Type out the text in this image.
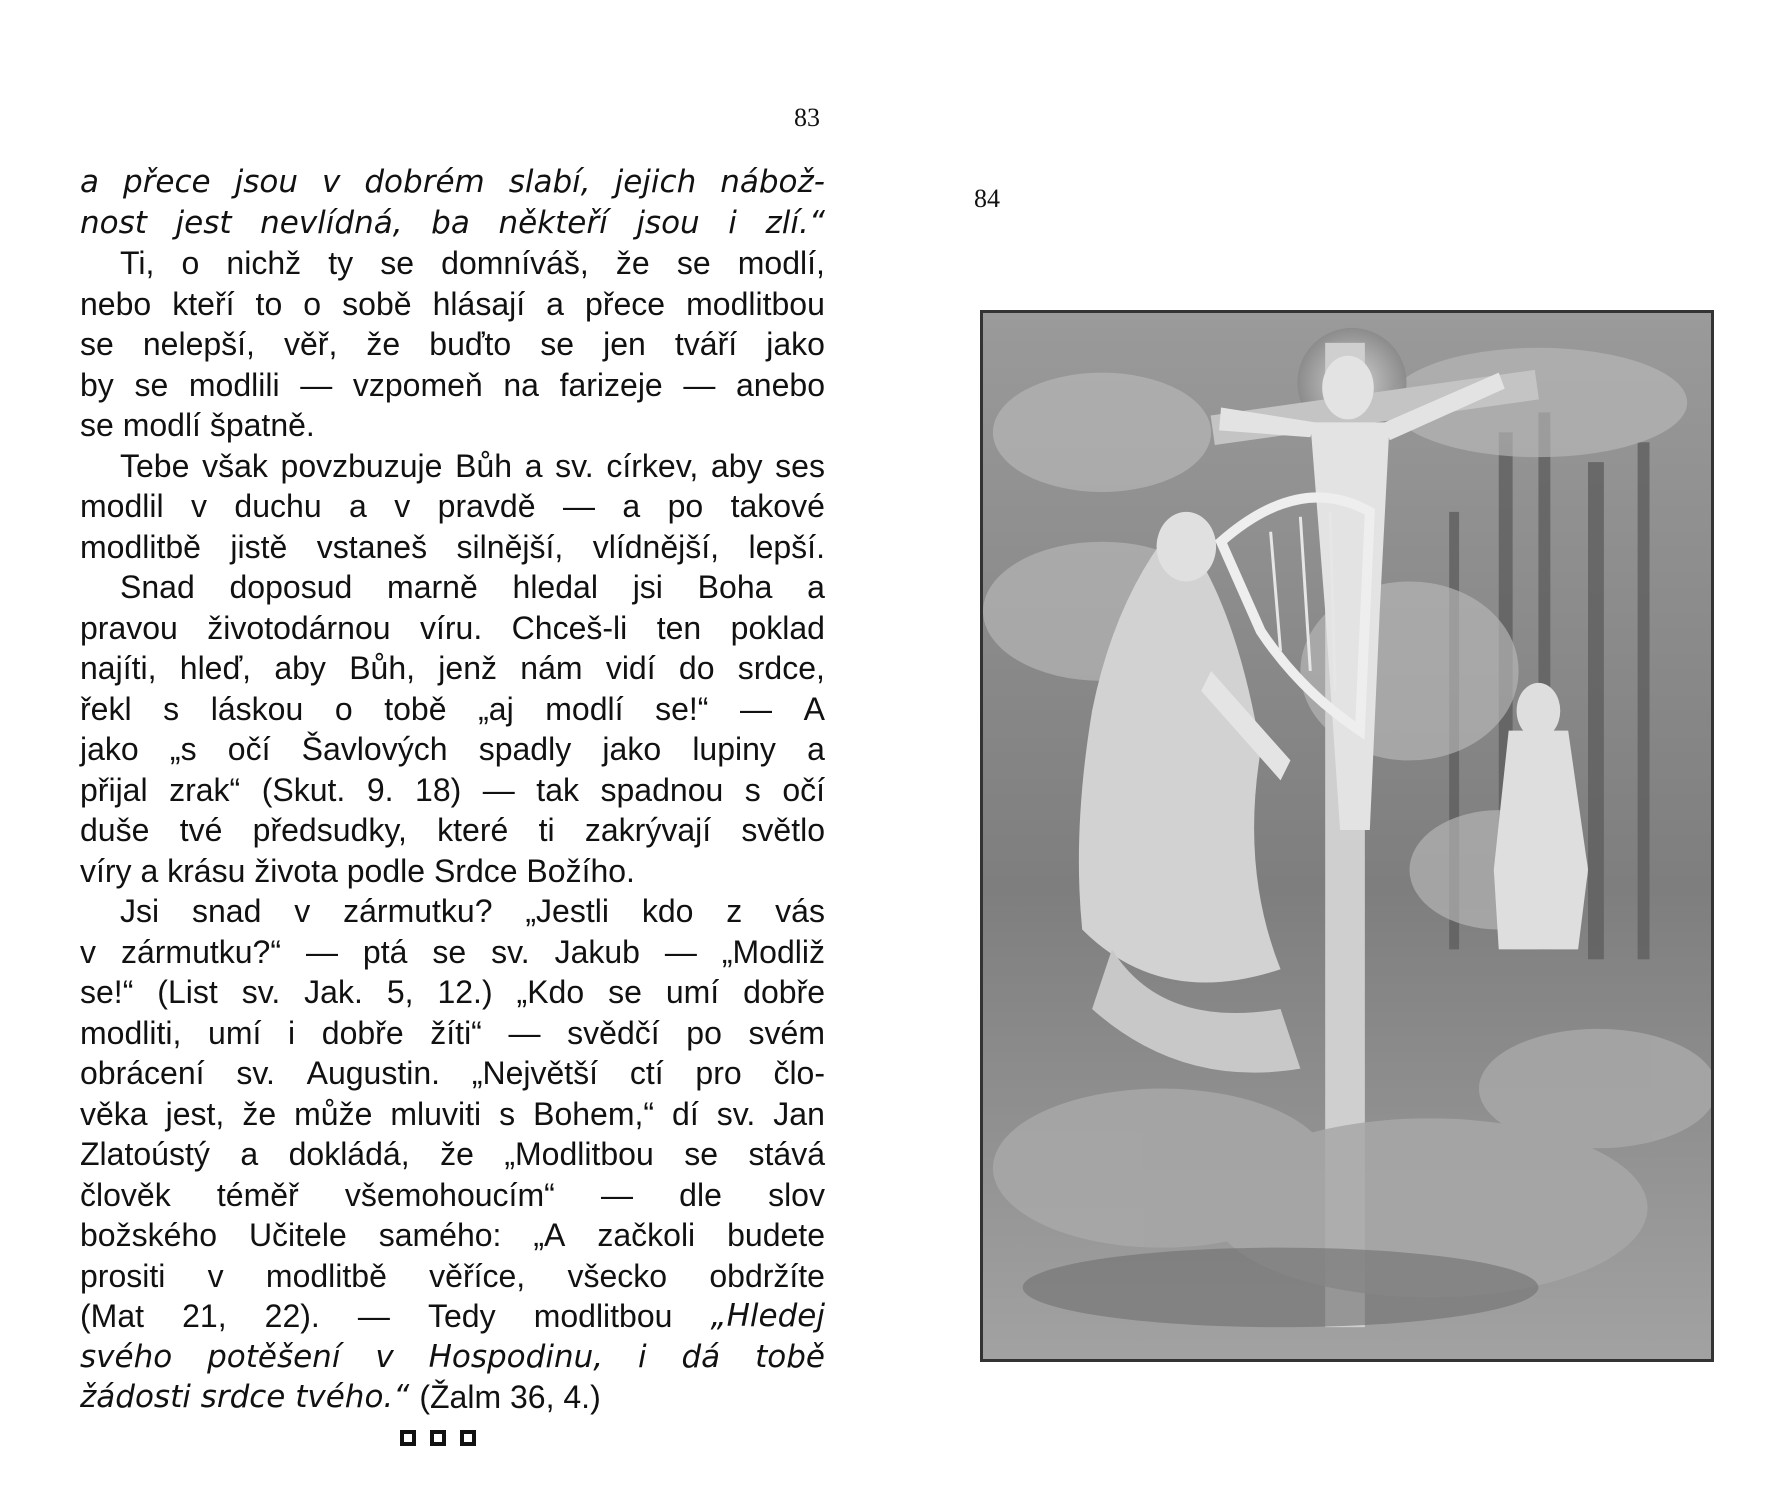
83
84
a přece jsou v dobrém slabí, jejich nábož-
nost jest nevlídná, ba někteří jsou i zlí.“
Ti, o nichž ty se domníváš, že se modlí,
nebo kteří to o sobě hlásají a přece modlitbou
se nelepší, věř, že buďto se jen tváří jako
by se modlili — vzpomeň na farizeje — anebo
se modlí špatně.
Tebe však povzbuzuje Bůh a sv. církev, aby ses
modlil v duchu a v pravdě — a po takové
modlitbě jistě vstaneš silnější, vlídnější, lepší.
Snad doposud marně hledal jsi Boha a
pravou životodárnou víru. Chceš-li ten poklad
najíti, hleď, aby Bůh, jenž nám vidí do srdce,
řekl s láskou o tobě „aj modlí se!“ — A
jako „s očí Šavlových spadly jako lupiny a
přijal zrak“ (Skut. 9. 18) — tak spadnou s očí
duše tvé předsudky, které ti zakrývají světlo
víry a krásu života podle Srdce Božího.
Jsi snad v zármutku? „Jestli kdo z vás
v zármutku?“ — ptá se sv. Jakub — „Modliž
se!“ (List sv. Jak. 5, 12.) „Kdo se umí dobře
modliti, umí i dobře žíti“ — svědčí po svém
obrácení sv. Augustin. „Největší ctí pro člo-
věka jest, že může mluviti s Bohem,“ dí sv. Jan
Zlatoústý a dokládá, že „Modlitbou se stává
člověk téměř všemohoucím“ — dle slov
božského Učitele samého: „A začkoli budete
prositi v modlitbě věříce, všecko obdržíte
(Mat 21, 22). — Tedy modlitbou „Hledej
svého potěšení v Hospodinu, i dá tobě
žádosti srdce tvého.“ (Žalm 36, 4.)
